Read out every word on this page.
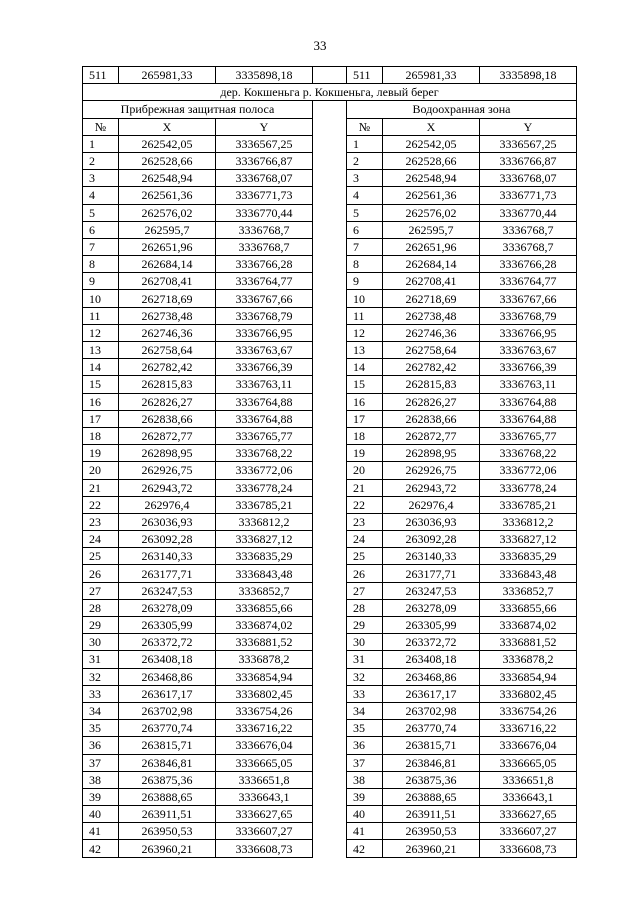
33
511	265981,33	3335898,18		511	265981,33	3335898,18
дер. Кокшеньга р. Кокшеньга, левый берег						
Прибрежная защитная полоса				Водоохранная зона		
№	X	Y		№	X	Y
1	262542,05	3336567,25		1	262542,05	3336567,25
2	262528,66	3336766,87		2	262528,66	3336766,87
3	262548,94	3336768,07		3	262548,94	3336768,07
4	262561,36	3336771,73		4	262561,36	3336771,73
5	262576,02	3336770,44		5	262576,02	3336770,44
6	262595,7	3336768,7		6	262595,7	3336768,7
7	262651,96	3336768,7		7	262651,96	3336768,7
8	262684,14	3336766,28		8	262684,14	3336766,28
9	262708,41	3336764,77		9	262708,41	3336764,77
10	262718,69	3336767,66		10	262718,69	3336767,66
11	262738,48	3336768,79		11	262738,48	3336768,79
12	262746,36	3336766,95		12	262746,36	3336766,95
13	262758,64	3336763,67		13	262758,64	3336763,67
14	262782,42	3336766,39		14	262782,42	3336766,39
15	262815,83	3336763,11		15	262815,83	3336763,11
16	262826,27	3336764,88		16	262826,27	3336764,88
17	262838,66	3336764,88		17	262838,66	3336764,88
18	262872,77	3336765,77		18	262872,77	3336765,77
19	262898,95	3336768,22		19	262898,95	3336768,22
20	262926,75	3336772,06		20	262926,75	3336772,06
21	262943,72	3336778,24		21	262943,72	3336778,24
22	262976,4	3336785,21		22	262976,4	3336785,21
23	263036,93	3336812,2		23	263036,93	3336812,2
24	263092,28	3336827,12		24	263092,28	3336827,12
25	263140,33	3336835,29		25	263140,33	3336835,29
26	263177,71	3336843,48		26	263177,71	3336843,48
27	263247,53	3336852,7		27	263247,53	3336852,7
28	263278,09	3336855,66		28	263278,09	3336855,66
29	263305,99	3336874,02		29	263305,99	3336874,02
30	263372,72	3336881,52		30	263372,72	3336881,52
31	263408,18	3336878,2		31	263408,18	3336878,2
32	263468,86	3336854,94		32	263468,86	3336854,94
33	263617,17	3336802,45		33	263617,17	3336802,45
34	263702,98	3336754,26		34	263702,98	3336754,26
35	263770,74	3336716,22		35	263770,74	3336716,22
36	263815,71	3336676,04		36	263815,71	3336676,04
37	263846,81	3336665,05		37	263846,81	3336665,05
38	263875,36	3336651,8		38	263875,36	3336651,8
39	263888,65	3336643,1		39	263888,65	3336643,1
40	263911,51	3336627,65		40	263911,51	3336627,65
41	263950,53	3336607,27		41	263950,53	3336607,27
42	263960,21	3336608,73		42	263960,21	3336608,73
